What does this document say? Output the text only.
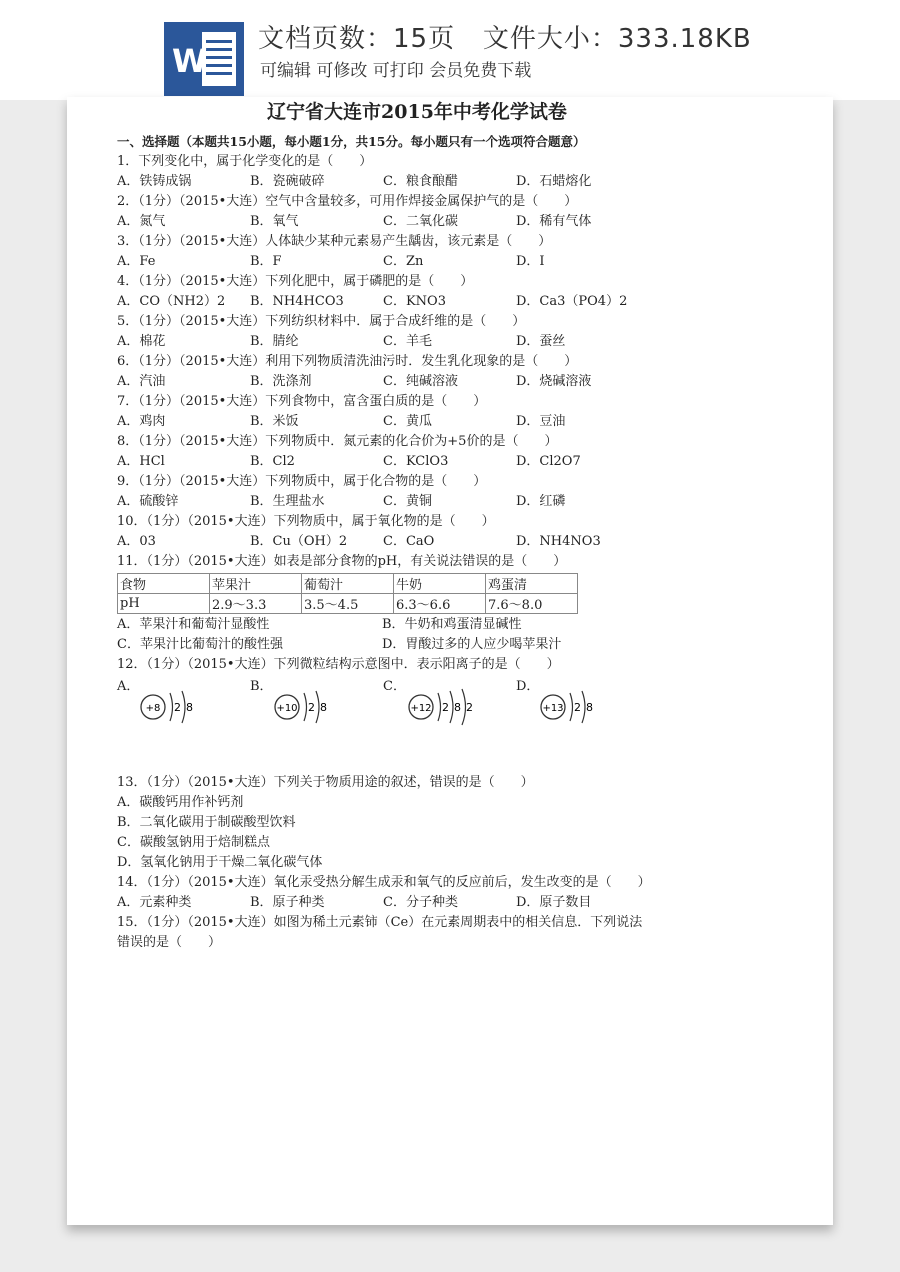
W
文档页数：15页   文件大小：333.18KB
可编辑 可修改 可打印 会员免费下载
辽宁省大连市2015年中考化学试卷
一、选择题（本题共15小题，每小题1分，共15分。每小题只有一个选项符合题意）
1．下列变化中，属于化学变化的是（　　）
A．铁铸成锅	B．瓷碗破碎	C．粮食酿醋	D．石蜡熔化
2．（1分）（2015•大连）空气中含量较多，可用作焊接金属保护气的是（　　）
A．氮气	B．氧气	C．二氧化碳	D．稀有气体
3．（1分）（2015•大连）人体缺少某种元素易产生龋齿，该元素是（　　）
A．Fe	B．F	C．Zn	D．I
4．（1分）（2015•大连）下列化肥中，属于磷肥的是（　　）
A．CO（NH2）2	B．NH4HCO3	C．KNO3	D．Ca3（PO4）2
5．（1分）（2015•大连）下列纺织材料中．属于合成纤维的是（　　）
A．棉花	B．腈纶	C．羊毛	D．蚕丝
6．（1分）（2015•大连）利用下列物质清洗油污时．发生乳化现象的是（　　）
A．汽油	B．洗涤剂	C．纯碱溶液	D．烧碱溶液
7．（1分）（2015•大连）下列食物中，富含蛋白质的是（　　）
A．鸡肉	B．米饭	C．黄瓜	D．豆油
8．（1分）（2015•大连）下列物质中．氮元素的化合价为+5价的是（　　）
A．HCl	B．Cl2	C．KClO3	D．Cl2O7
9．（1分）（2015•大连）下列物质中，属于化合物的是（　　）
A．硫酸锌	B．生理盐水	C．黄铜	D．红磷
10．（1分）（2015•大连）下列物质中，属于氧化物的是（　　）
A．03	B．Cu（OH）2	C．CaO	D．NH4NO3
11．（1分）（2015•大连）如表是部分食物的pH，有关说法错误的是（　　）
食物	苹果汁	葡萄汁	牛奶	鸡蛋清
pH	2.9～3.3	3.5～4.5	6.3～6.6	7.6～8.0
A．苹果汁和葡萄汁显酸性	B．牛奶和鸡蛋清显碱性
C．苹果汁比葡萄汁的酸性强	D．胃酸过多的人应少喝苹果汁
12．（1分）（2015•大连）下列微粒结构示意图中．表示阳离子的是（　　）
A．	B．	C．	D．
+8 2 8	+10 2 8	+12 2 8 2	+13 2 8
13．（1分）（2015•大连）下列关于物质用途的叙述，错误的是（　　）
A．碳酸钙用作补钙剂
B．二氧化碳用于制碳酸型饮料
C．碳酸氢钠用于焙制糕点
D．氢氧化钠用于干燥二氧化碳气体
14．（1分）（2015•大连）氧化汞受热分解生成汞和氧气的反应前后，发生改变的是（　　）
A．元素种类	B．原子种类	C．分子种类	D．原子数目
15．（1分）（2015•大连）如图为稀土元素铈（Ce）在元素周期表中的相关信息．下列说法
错误的是（　　）
